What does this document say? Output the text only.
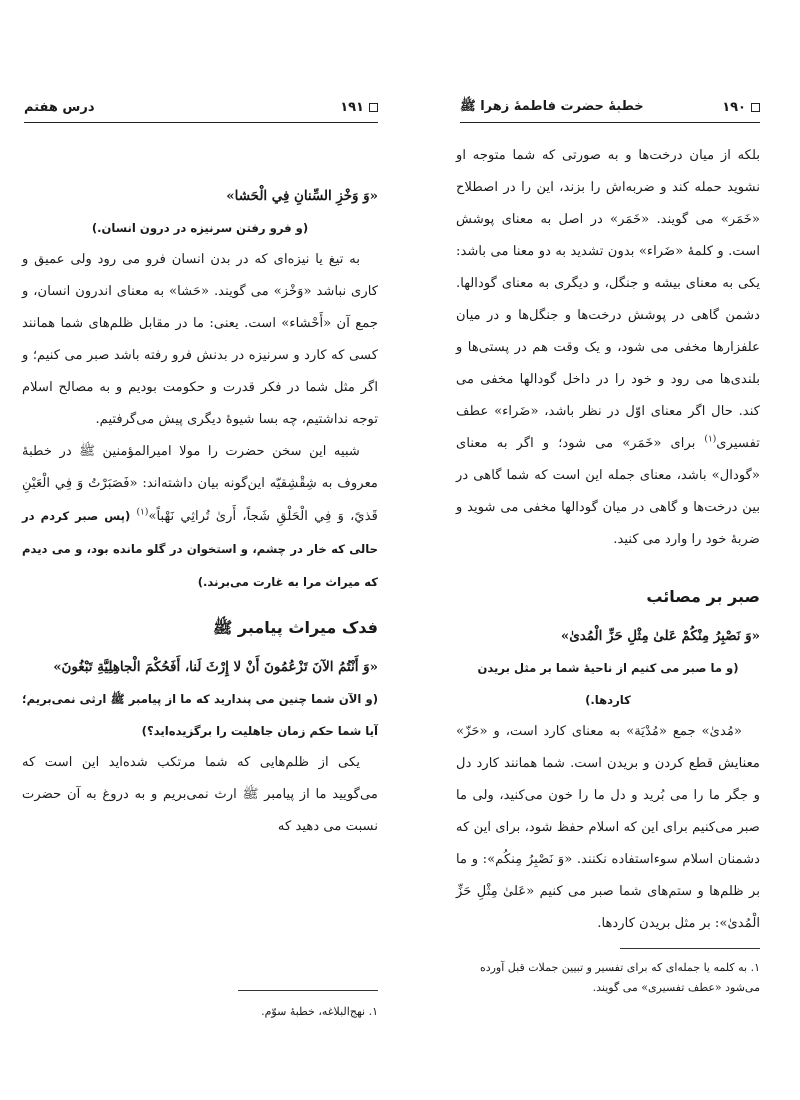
۱۹۱
درس هفتم

«وَ وَخْزِ السِّنانِ فِي الْحَشا»

(و فرو رفتن سرنیزه در درون انسان.)

به تیغ یا نیزه‌ای که در بدن انسان فرو می رود ولی عمیق و کاری نباشد «وَخْز» می گویند. «حَشا» به معنای اندرون انسان، و جمع آن «أَحْشاء» است. یعنی: ما در مقابل ظلم‌های شما همانند کسی که کارد و سرنیزه در بدنش فرو رفته باشد صبر می کنیم؛ و اگر مثل شما در فکر قدرت و حکومت بودیم و به مصالح اسلام توجه نداشتیم، چه بسا شیوهٔ دیگری پیش می‌گرفتیم.

شبیه این سخن حضرت را مولا امیرالمؤمنین ﷺ در خطبهٔ معروف به شِقْشِقیّه این‌گونه بیان داشته‌اند: «فَصَبَرْتُ وَ فِي الْعَيْنِ قَذيً، وَ فِي الْحَلْقِ شَجاً، أَرىٰ تُراثِي نَهْباً»$^{(۱)}$ (پس صبر کردم در حالی که خار در چشم، و استخوان در گلو مانده بود، و می دیدم که میراث مرا به غارت می‌برند.)

فدک میراث پیامبر ﷺ

«وَ أَنْتُمُ الآنَ تَزْعُمُونَ أَنْ لا إِرْثَ لَنا، أَفَحُكْمَ الْجاهِلِيَّةِ تَبْغُونَ»

(و الآن شما چنین می پندارید که ما از پیامبر ﷺ ارثی نمی‌بریم؛ آیا شما حکم زمان جاهلیت را برگزیده‌اید؟)

یکی از ظلم‌هایی که شما مرتکب شده‌اید این است که می‌گویید ما از پیامبر ﷺ ارث نمی‌بریم و به دروغ به آن حضرت نسبت می دهید که

۱. نهج‌البلاغه، خطبهٔ سوّم.
۱۹۰
خطبهٔ حضرت فاطمهٔ زهرا ﷺ

بلکه از میان درخت‌ها و به صورتی که شما متوجه او نشوید حمله کند و ضربه‌اش را بزند، این را در اصطلاح «خَمَر» می گویند. «خَمَر» در اصل به معنای پوشش است. و کلمهٔ «ضَراء» بدون تشدید به دو معنا می باشد: یکی به معنای بیشه و جنگل، و دیگری به معنای گودالها. دشمن گاهی در پوشش درخت‌ها و جنگل‌ها و در میان علفزارها مخفی می شود، و یک وقت هم در پستی‌ها و بلندی‌ها می رود و خود را در داخل گودالها مخفی می کند. حال اگر معنای اوّل در نظر باشد، «ضَراء» عطف تفسیری$^{(۱)}$ برای «خَمَر» می شود؛ و اگر به معنای «گودال» باشد، معنای جمله این است که شما گاهی در بین درخت‌ها و گاهی در میان گودالها مخفی می شوید و ضربهٔ خود را وارد می کنید.

صبر بر مصائب

«وَ نَصْبِرُ مِنْكُمْ عَلىٰ مِثْلِ حَزِّ الْمُدىٰ»

(و ما صبر می کنیم از ناحیهٔ شما بر مثل بریدن کاردها.)

«مُدیٰ» جمع «مُدْیَة» به معنای کارد است، و «حَزّ» معنایش قطع کردن و بریدن است. شما همانند کارد دل و جگر ما را می بُرید و دل ما را خون می‌کنید، ولی ما صبر می‌کنیم برای این که اسلام حفظ شود، برای این که دشمنان اسلام سوءاستفاده نکنند. «وَ نَصْبِرُ مِنكُم»: و ما بر ظلم‌ها و ستم‌های شما صبر می کنیم «عَلىٰ مِثْلِ حَزِّ الْمُدىٰ»: بر مثل بریدن کاردها.

۱. به کلمه یا جمله‌ای که برای تفسیر و تبیین جملات قبل آورده می‌شود «عطف تفسیری» می گویند.
